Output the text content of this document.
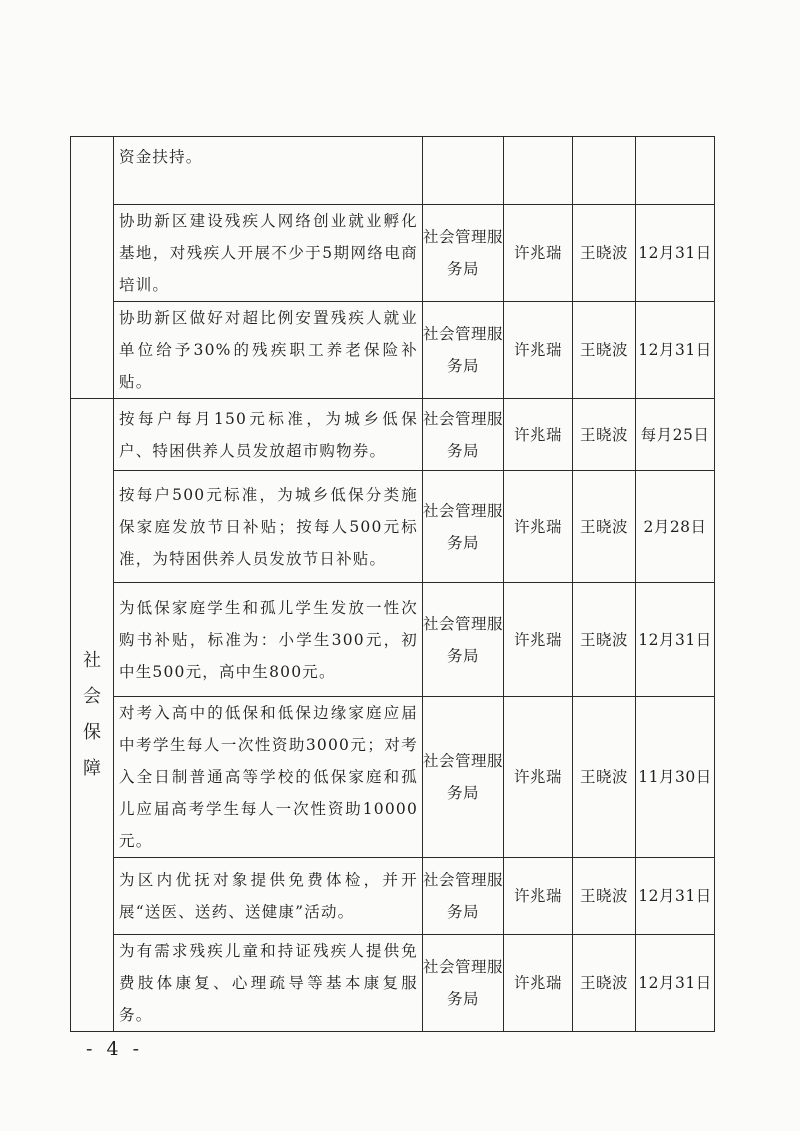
	资金扶持。				
	协助新区建设残疾人网络创业就业孵化基地，对残疾人开展不少于5期网络电商培训。	社会管理服务局	许兆瑞	王晓波	12月31日
	协助新区做好对超比例安置残疾人就业单位给予30%的残疾职工养老保险补贴。	社会管理服务局	许兆瑞	王晓波	12月31日
社会保障	按每户每月150元标准，为城乡低保户、特困供养人员发放超市购物券。	社会管理服务局	许兆瑞	王晓波	每月25日
	按每户500元标准，为城乡低保分类施保家庭发放节日补贴；按每人500元标准，为特困供养人员发放节日补贴。	社会管理服务局	许兆瑞	王晓波	2月28日
	为低保家庭学生和孤儿学生发放一性次购书补贴，标准为：小学生300元，初中生500元，高中生800元。	社会管理服务局	许兆瑞	王晓波	12月31日
	对考入高中的低保和低保边缘家庭应届中考学生每人一次性资助3000元；对考入全日制普通高等学校的低保家庭和孤儿应届高考学生每人一次性资助10000元。	社会管理服务局	许兆瑞	王晓波	11月30日
	为区内优抚对象提供免费体检，并开展“送医、送药、送健康”活动。	社会管理服务局	许兆瑞	王晓波	12月31日
	为有需求残疾儿童和持证残疾人提供免费肢体康复、心理疏导等基本康复服务。	社会管理服务局	许兆瑞	王晓波	12月31日
- 4 -
